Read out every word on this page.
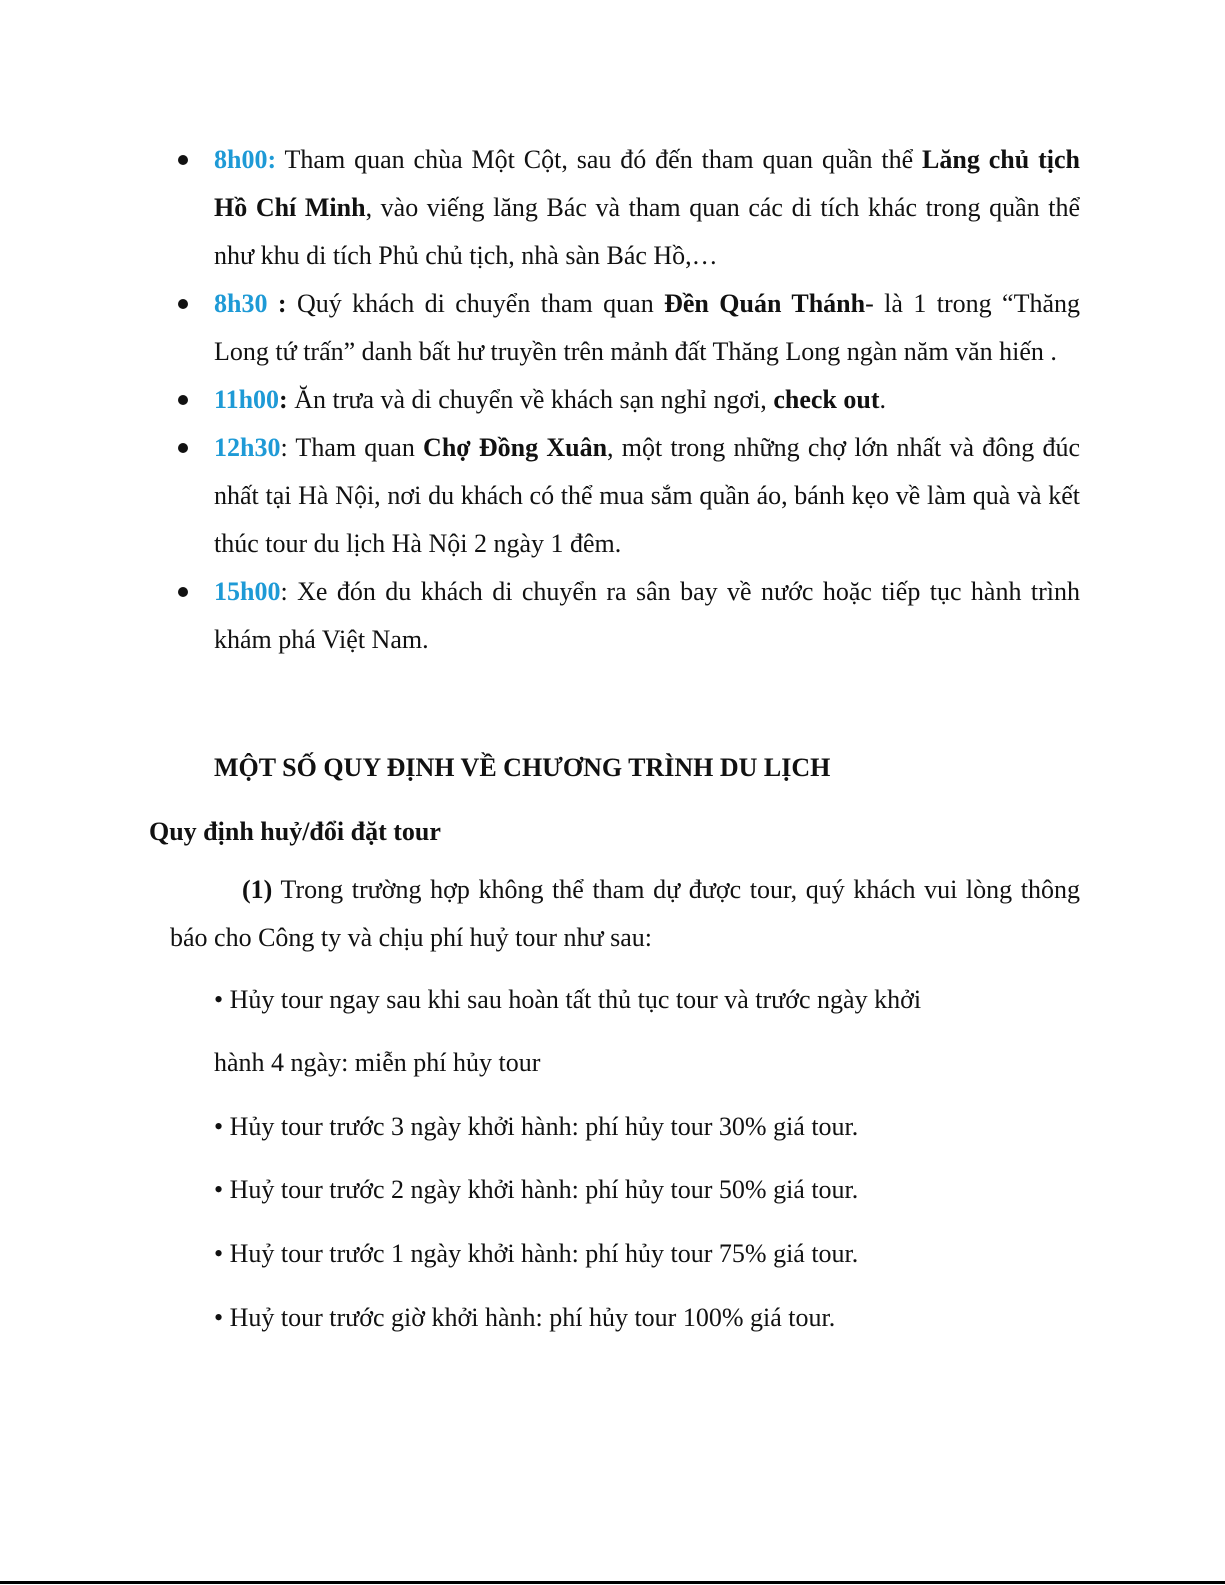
8h00: Tham quan chùa Một Cột, sau đó đến tham quan quần thể Lăng chủ tịch Hồ Chí Minh, vào viếng lăng Bác và tham quan các di tích khác trong quần thể như khu di tích Phủ chủ tịch, nhà sàn Bác Hồ,…
8h30 : Quý khách di chuyển tham quan Đền Quán Thánh- là 1 trong “Thăng Long tứ trấn” danh bất hư truyền trên mảnh đất Thăng Long ngàn năm văn hiến .
11h00: Ăn trưa và di chuyển về khách sạn nghỉ ngơi, check out.
12h30: Tham quan Chợ Đồng Xuân, một trong những chợ lớn nhất và đông đúc nhất tại Hà Nội, nơi du khách có thể mua sắm quần áo, bánh kẹo về làm quà và kết thúc tour du lịch Hà Nội 2 ngày 1 đêm.
15h00: Xe đón du khách di chuyển ra sân bay về nước hoặc tiếp tục hành trình khám phá Việt Nam.
MỘT SỐ QUY ĐỊNH VỀ CHƯƠNG TRÌNH DU LỊCH
Quy định huỷ/đổi đặt tour
(1) Trong trường hợp không thể tham dự được tour, quý khách vui lòng thông báo cho Công ty và chịu phí huỷ tour như sau:
• Hủy tour ngay sau khi sau hoàn tất thủ tục tour và trước ngày khởi
hành 4 ngày: miễn phí hủy tour
• Hủy tour trước 3 ngày khởi hành: phí hủy tour 30% giá tour.
• Huỷ tour trước 2 ngày khởi hành: phí hủy tour 50% giá tour.
• Huỷ tour trước 1 ngày khởi hành: phí hủy tour 75% giá tour.
• Huỷ tour trước giờ khởi hành: phí hủy tour 100% giá tour.
